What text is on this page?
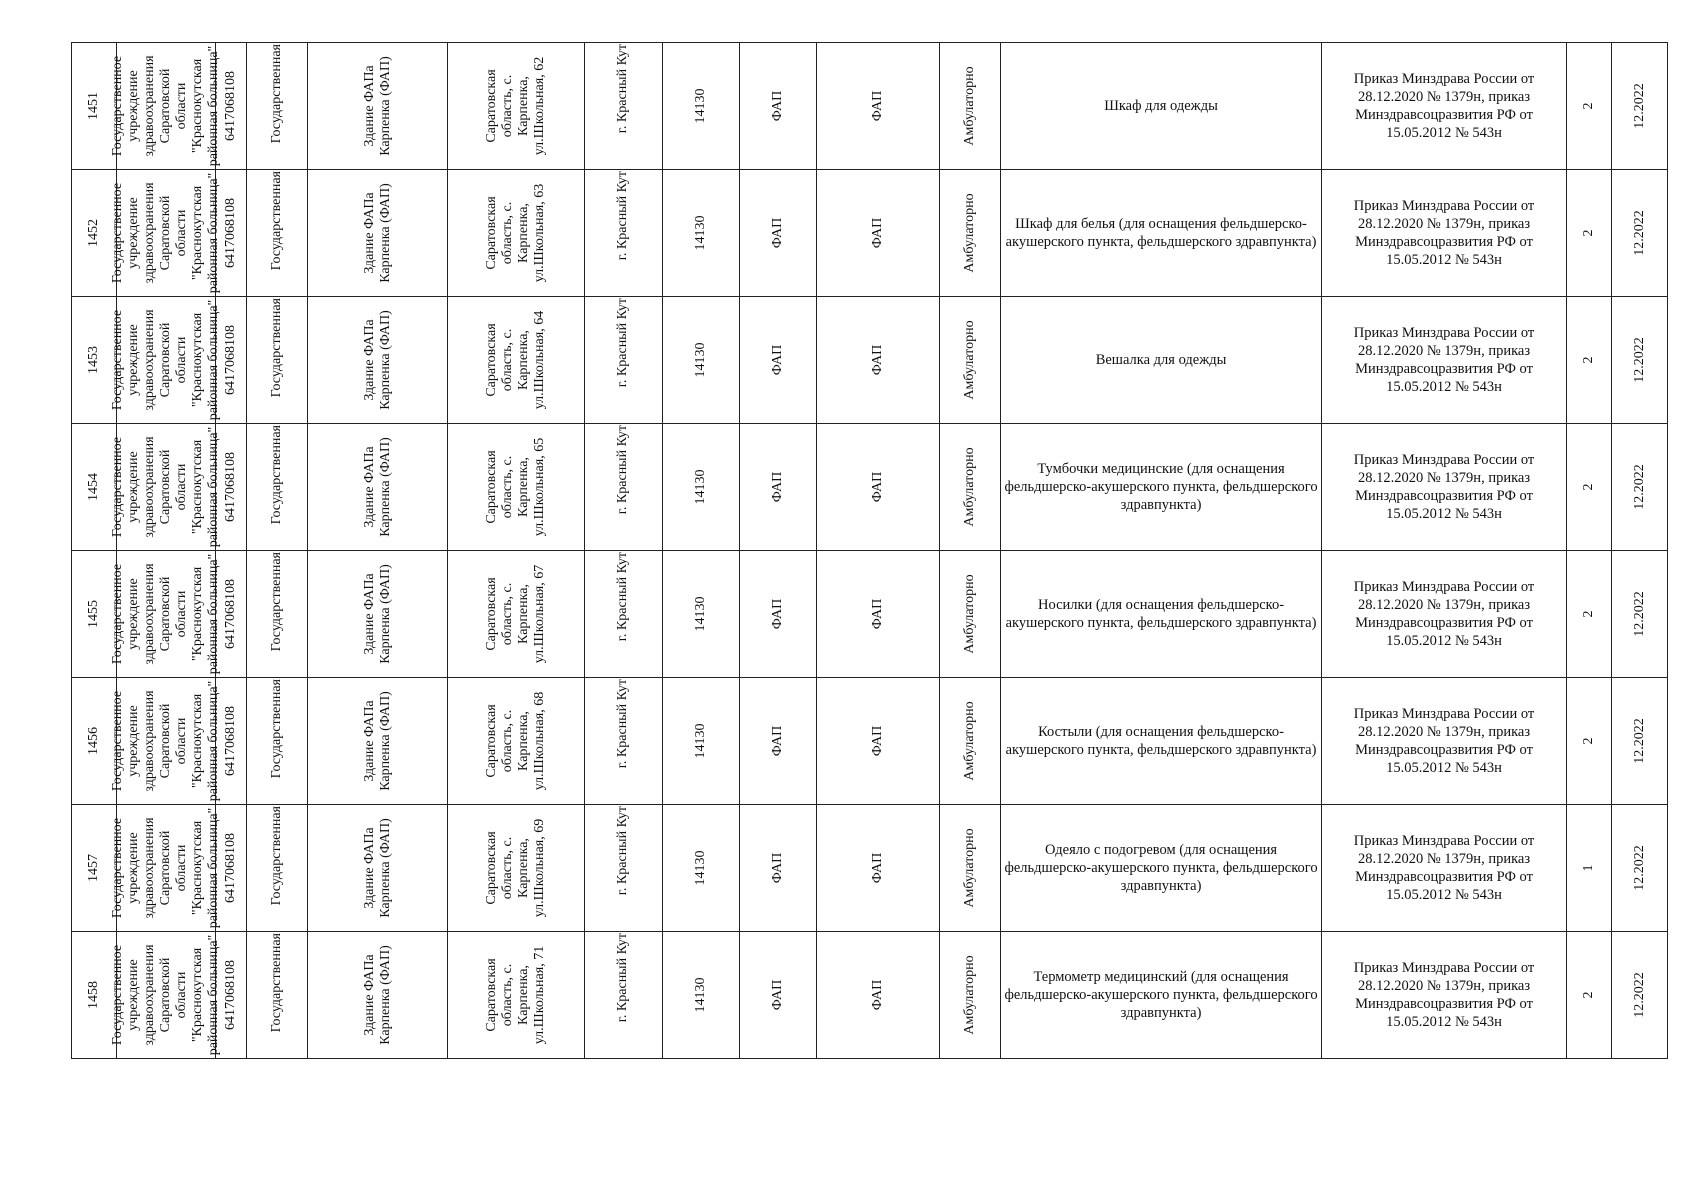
1451	Государственное учреждение здравоохранения Саратовской области "Краснокутская районная больница"	6417068108	Государственная	Здание ФАПа Карпенка (ФАП)	Саратовская область, с. Карпенка, ул.Школьная, 62	г. Красный Кут	14130	ФАП	ФАП	Амбулаторно	Шкаф для одежды	Приказ Минздрава России от 28.12.2020 № 1379н, приказ Минздравсоцразвития РФ от 15.05.2012 № 543н	2	12.2022

1452	Государственное учреждение здравоохранения Саратовской области "Краснокутская районная больница"	6417068108	Государственная	Здание ФАПа Карпенка (ФАП)	Саратовская область, с. Карпенка, ул.Школьная, 63	г. Красный Кут	14130	ФАП	ФАП	Амбулаторно	Шкаф для белья (для оснащения фельдшерско-акушерского пункта, фельдшерского здравпункта)	Приказ Минздрава России от 28.12.2020 № 1379н, приказ Минздравсоцразвития РФ от 15.05.2012 № 543н	2	12.2022

1453	Государственное учреждение здравоохранения Саратовской области "Краснокутская районная больница"	6417068108	Государственная	Здание ФАПа Карпенка (ФАП)	Саратовская область, с. Карпенка, ул.Школьная, 64	г. Красный Кут	14130	ФАП	ФАП	Амбулаторно	Вешалка для одежды	Приказ Минздрава России от 28.12.2020 № 1379н, приказ Минздравсоцразвития РФ от 15.05.2012 № 543н	2	12.2022

1454	Государственное учреждение здравоохранения Саратовской области "Краснокутская районная больница"	6417068108	Государственная	Здание ФАПа Карпенка (ФАП)	Саратовская область, с. Карпенка, ул.Школьная, 65	г. Красный Кут	14130	ФАП	ФАП	Амбулаторно	Тумбочки медицинские (для оснащения фельдшерско-акушерского пункта, фельдшерского здравпункта)	Приказ Минздрава России от 28.12.2020 № 1379н, приказ Минздравсоцразвития РФ от 15.05.2012 № 543н	2	12.2022

1455	Государственное учреждение здравоохранения Саратовской области "Краснокутская районная больница"	6417068108	Государственная	Здание ФАПа Карпенка (ФАП)	Саратовская область, с. Карпенка, ул.Школьная, 67	г. Красный Кут	14130	ФАП	ФАП	Амбулаторно	Носилки (для оснащения фельдшерско-акушерского пункта, фельдшерского здравпункта)	Приказ Минздрава России от 28.12.2020 № 1379н, приказ Минздравсоцразвития РФ от 15.05.2012 № 543н	2	12.2022

1456	Государственное учреждение здравоохранения Саратовской области "Краснокутская районная больница"	6417068108	Государственная	Здание ФАПа Карпенка (ФАП)	Саратовская область, с. Карпенка, ул.Школьная, 68	г. Красный Кут	14130	ФАП	ФАП	Амбулаторно	Костыли (для оснащения фельдшерско-акушерского пункта, фельдшерского здравпункта)	Приказ Минздрава России от 28.12.2020 № 1379н, приказ Минздравсоцразвития РФ от 15.05.2012 № 543н	2	12.2022

1457	Государственное учреждение здравоохранения Саратовской области "Краснокутская районная больница"	6417068108	Государственная	Здание ФАПа Карпенка (ФАП)	Саратовская область, с. Карпенка, ул.Школьная, 69	г. Красный Кут	14130	ФАП	ФАП	Амбулаторно	Одеяло с подогревом (для оснащения фельдшерско-акушерского пункта, фельдшерского здравпункта)	Приказ Минздрава России от 28.12.2020 № 1379н, приказ Минздравсоцразвития РФ от 15.05.2012 № 543н	1	12.2022

1458	Государственное учреждение здравоохранения Саратовской области "Краснокутская районная больница"	6417068108	Государственная	Здание ФАПа Карпенка (ФАП)	Саратовская область, с. Карпенка, ул.Школьная, 71	г. Красный Кут	14130	ФАП	ФАП	Амбулаторно	Термометр медицинский (для оснащения фельдшерско-акушерского пункта, фельдшерского здравпункта)	Приказ Минздрава России от 28.12.2020 № 1379н, приказ Минздравсоцразвития РФ от 15.05.2012 № 543н	2	12.2022
